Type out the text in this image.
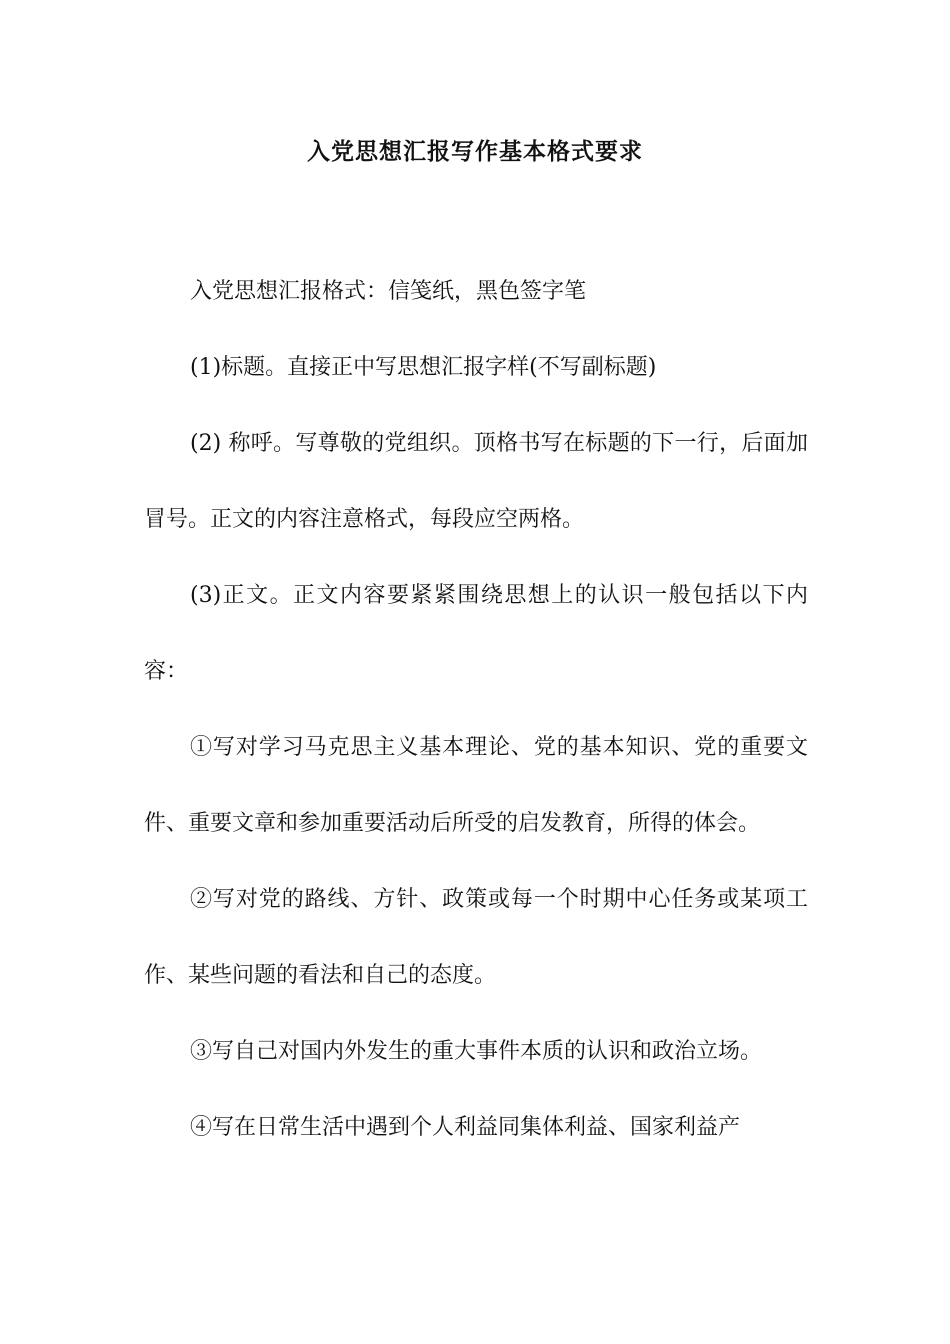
入党思想汇报写作基本格式要求

入党思想汇报格式：信笺纸，黑色签字笔

(1)标题。直接正中写思想汇报字样(不写副标题)

(2) 称呼。写尊敬的党组织。顶格书写在标题的下一行，后面加冒号。正文的内容注意格式，每段应空两格。

(3)正文。正文内容要紧紧围绕思想上的认识一般包括以下内容：

①写对学习马克思主义基本理论、党的基本知识、党的重要文件、重要文章和参加重要活动后所受的启发教育，所得的体会。

②写对党的路线、方针、政策或每一个时期中心任务或某项工作、某些问题的看法和自己的态度。

③写自己对国内外发生的重大事件本质的认识和政治立场。

④写在日常生活中遇到个人利益同集体利益、国家利益产
